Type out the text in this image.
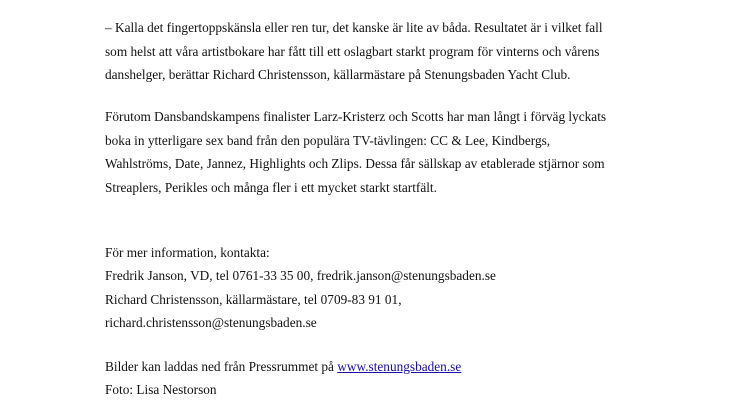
– Kalla det fingertoppskänsla eller ren tur, det kanske är lite av båda. Resultatet är i vilket fall
som helst att våra artistbokare har fått till ett oslagbart starkt program för vinterns och vårens
danshelger, berättar Richard Christensson, källarmästare på Stenungsbaden Yacht Club.
Förutom Dansbandskampens finalister Larz-Kristerz och Scotts har man långt i förväg lyckats
boka in ytterligare sex band från den populära TV-tävlingen: CC & Lee, Kindbergs,
Wahlströms, Date, Jannez, Highlights och Zlips. Dessa får sällskap av etablerade stjärnor som
Streaplers, Perikles och många fler i ett mycket starkt startfält.
För mer information, kontakta:
Fredrik Janson, VD, tel 0761-33 35 00, fredrik.janson@stenungsbaden.se
Richard Christensson, källarmästare, tel 0709-83 91 01,
richard.christensson@stenungsbaden.se
Bilder kan laddas ned från Pressrummet på www.stenungsbaden.se
Foto: Lisa Nestorson
